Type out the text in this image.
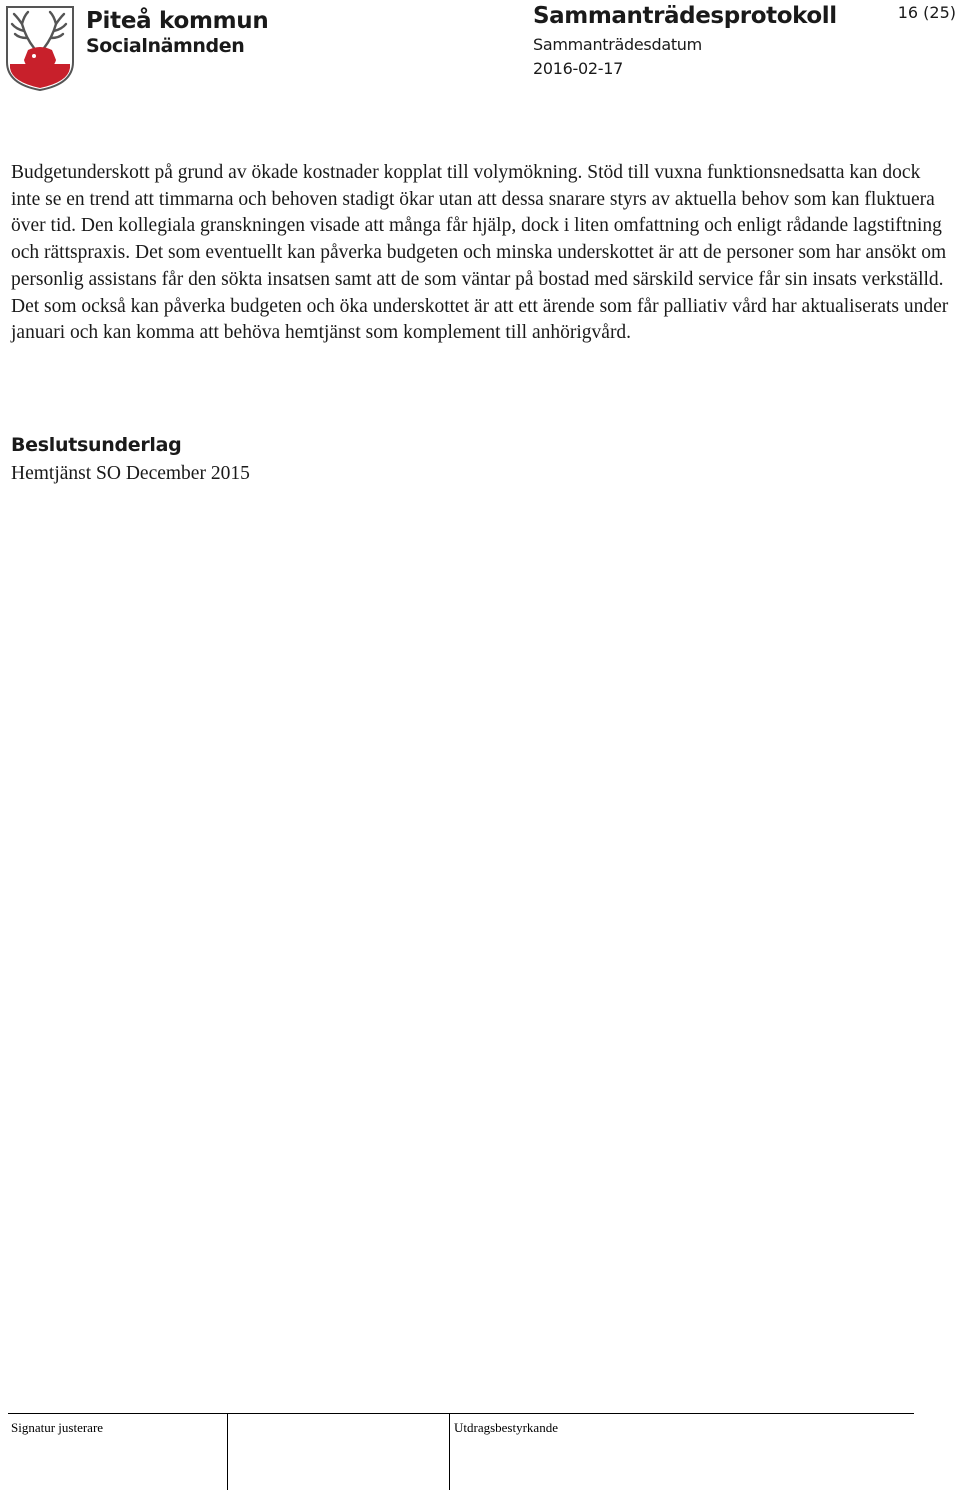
Piteå kommun
Socialnämnden
Sammanträdesprotokoll
Sammanträdesdatum
2016-02-17
16 (25)

Budgetunderskott på grund av ökade kostnader kopplat till volymökning. Stöd till vuxna funktionsnedsatta kan dock inte se en trend att timmarna och behoven stadigt ökar utan att dessa snarare styrs av aktuella behov som kan fluktuera över tid. Den kollegiala granskningen visade att många får hjälp, dock i liten omfattning och enligt rådande lagstiftning och rättspraxis. Det som eventuellt kan påverka budgeten och minska underskottet är att de personer som har ansökt om personlig assistans får den sökta insatsen samt att de som väntar på bostad med särskild service får sin insats verkställd. Det som också kan påverka budgeten och öka underskottet är att ett ärende som får palliativ vård har aktualiserats under januari och kan komma att behöva hemtjänst som komplement till anhörigvård.

Beslutsunderlag

Hemtjänst SO December 2015

Signatur justerare	Utdragsbestyrkande
